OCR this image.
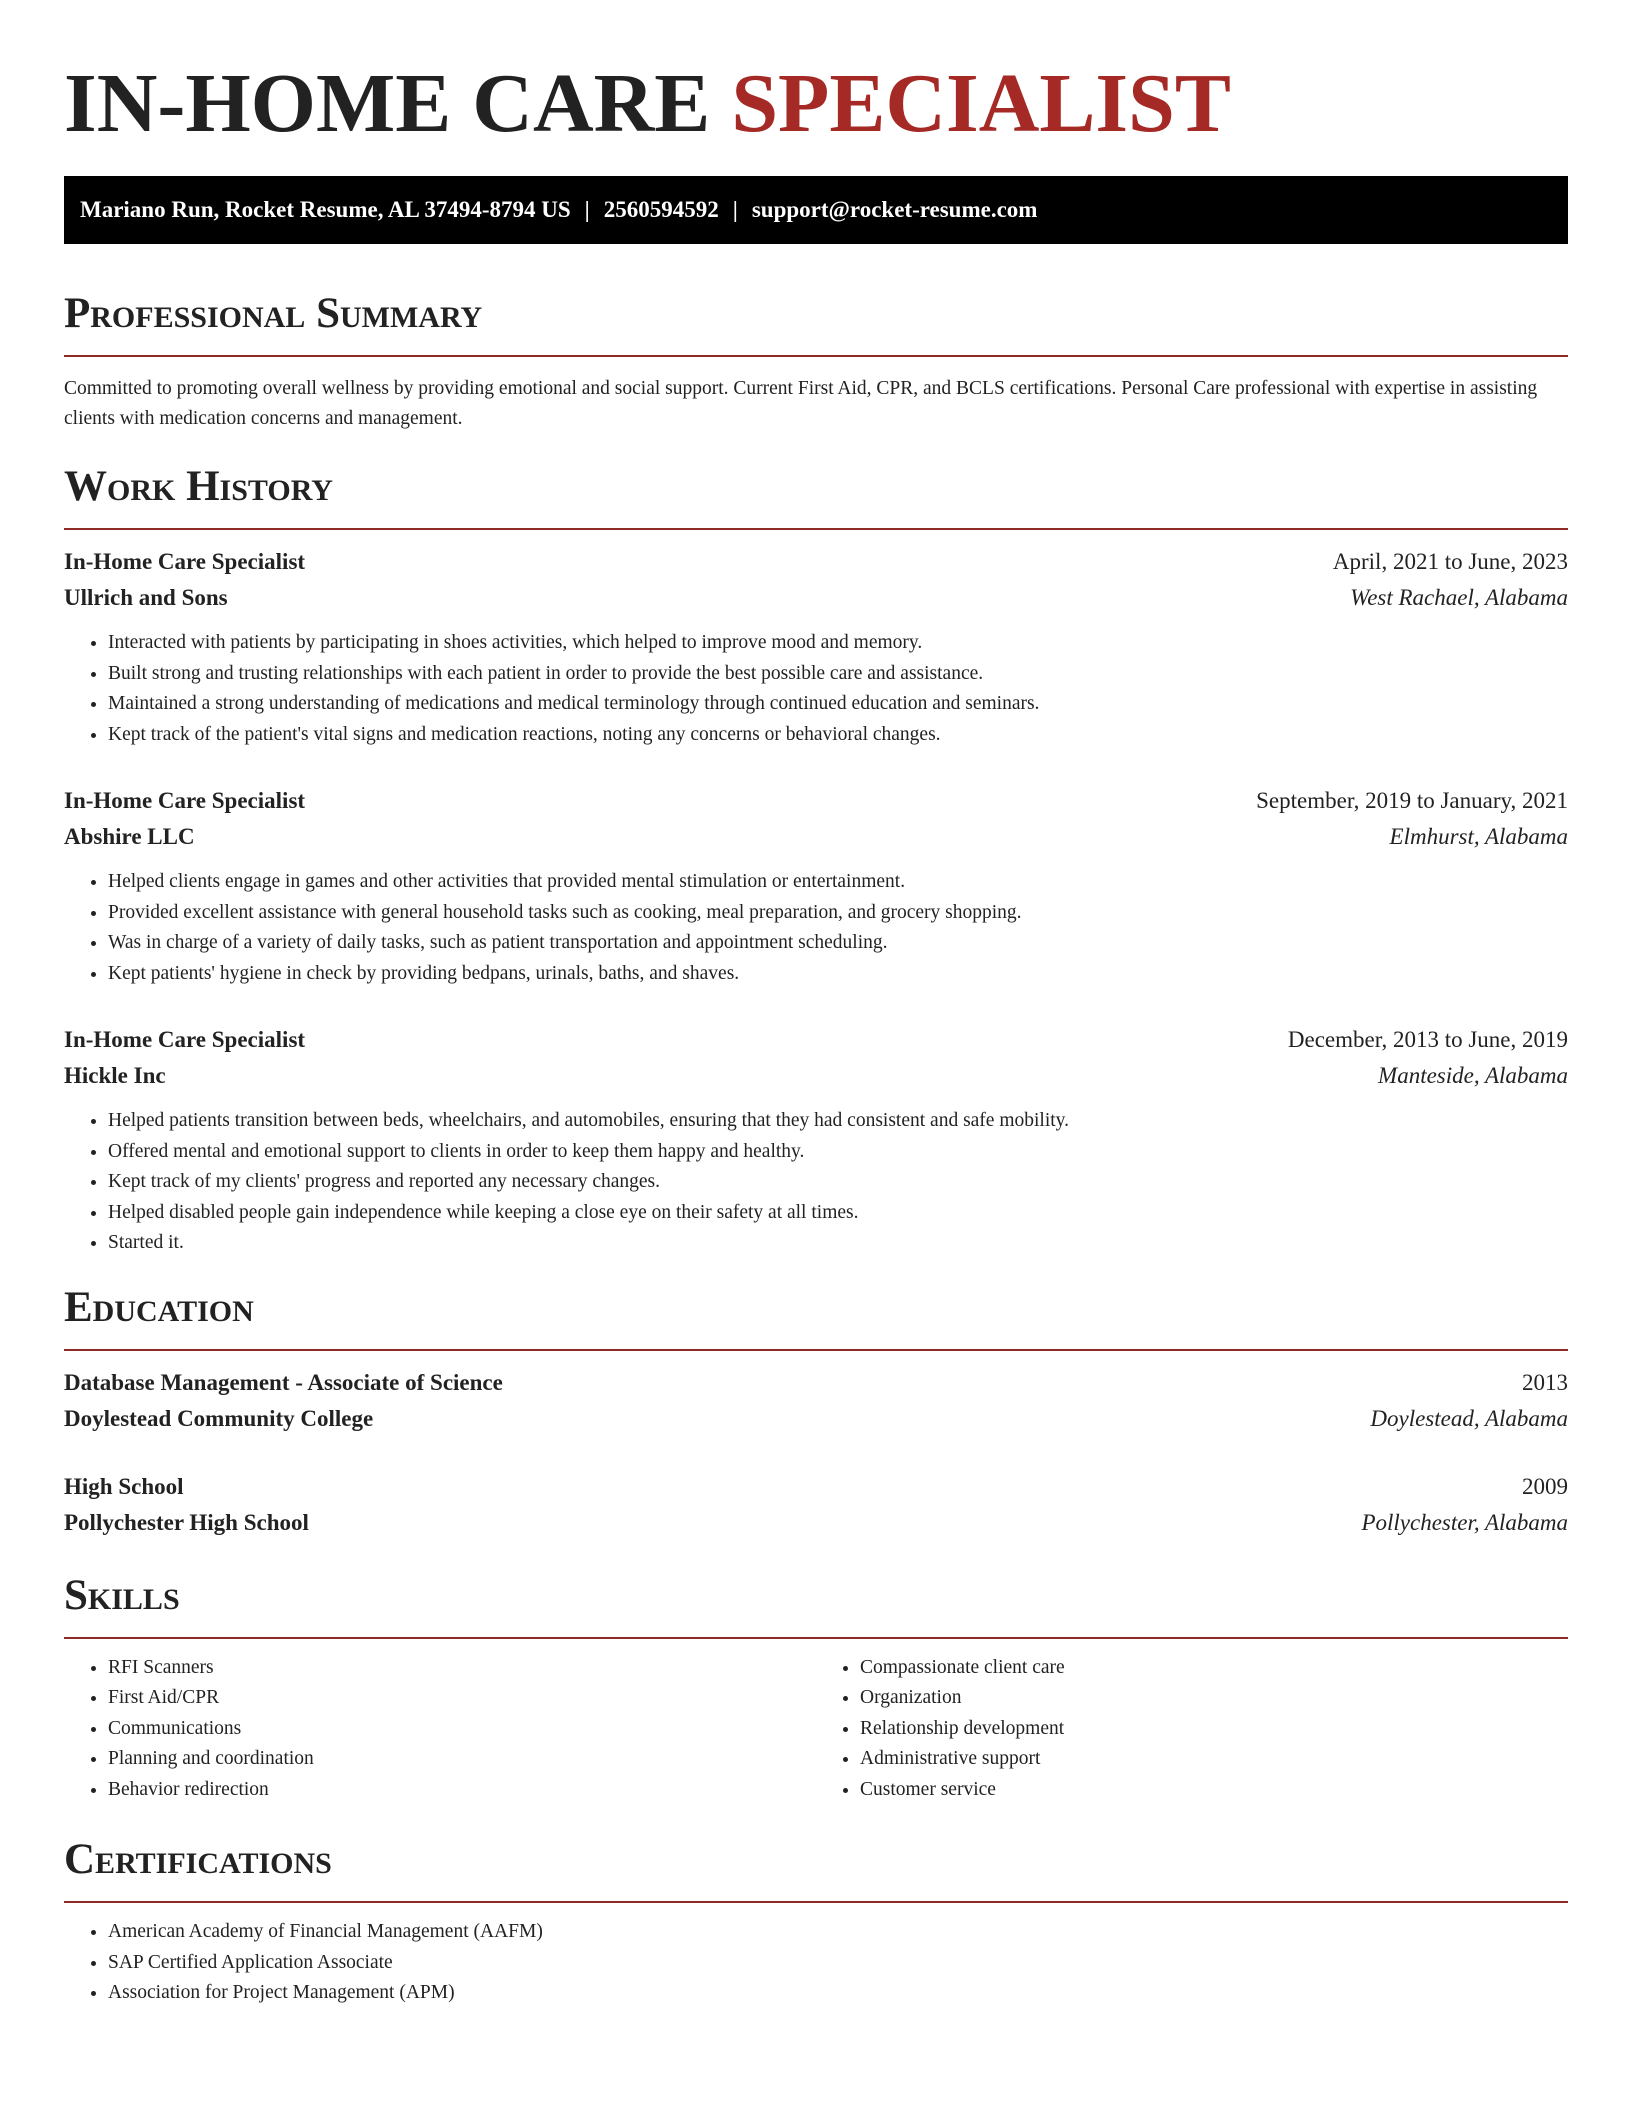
IN-HOME CARE SPECIALIST
Mariano Run, Rocket Resume, AL 37494-8794 US | 2560594592 | support@rocket-resume.com
Professional Summary

Committed to promoting overall wellness by providing emotional and social support. Current First Aid, CPR, and BCLS certifications. Personal Care professional with expertise in assisting clients with medication concerns and management.

Work History
In-Home Care Specialist	April, 2021 to June, 2023
Ullrich and Sons	West Rachael, Alabama
• Interacted with patients by participating in shoes activities, which helped to improve mood and memory.
• Built strong and trusting relationships with each patient in order to provide the best possible care and assistance.
• Maintained a strong understanding of medications and medical terminology through continued education and seminars.
• Kept track of the patient's vital signs and medication reactions, noting any concerns or behavioral changes.
In-Home Care Specialist	September, 2019 to January, 2021
Abshire LLC	Elmhurst, Alabama
• Helped clients engage in games and other activities that provided mental stimulation or entertainment.
• Provided excellent assistance with general household tasks such as cooking, meal preparation, and grocery shopping.
• Was in charge of a variety of daily tasks, such as patient transportation and appointment scheduling.
• Kept patients' hygiene in check by providing bedpans, urinals, baths, and shaves.
In-Home Care Specialist	December, 2013 to June, 2019
Hickle Inc	Manteside, Alabama
• Helped patients transition between beds, wheelchairs, and automobiles, ensuring that they had consistent and safe mobility.
• Offered mental and emotional support to clients in order to keep them happy and healthy.
• Kept track of my clients' progress and reported any necessary changes.
• Helped disabled people gain independence while keeping a close eye on their safety at all times.
• Started it.
Education
Database Management - Associate of Science	2013
Doylestead Community College	Doylestead, Alabama
High School	2009
Pollychester High School	Pollychester, Alabama
Skills
• RFI Scanners
• First Aid/CPR
• Communications
• Planning and coordination
• Behavior redirection
• Compassionate client care
• Organization
• Relationship development
• Administrative support
• Customer service
Certifications
• American Academy of Financial Management (AAFM)
• SAP Certified Application Associate
• Association for Project Management (APM)
